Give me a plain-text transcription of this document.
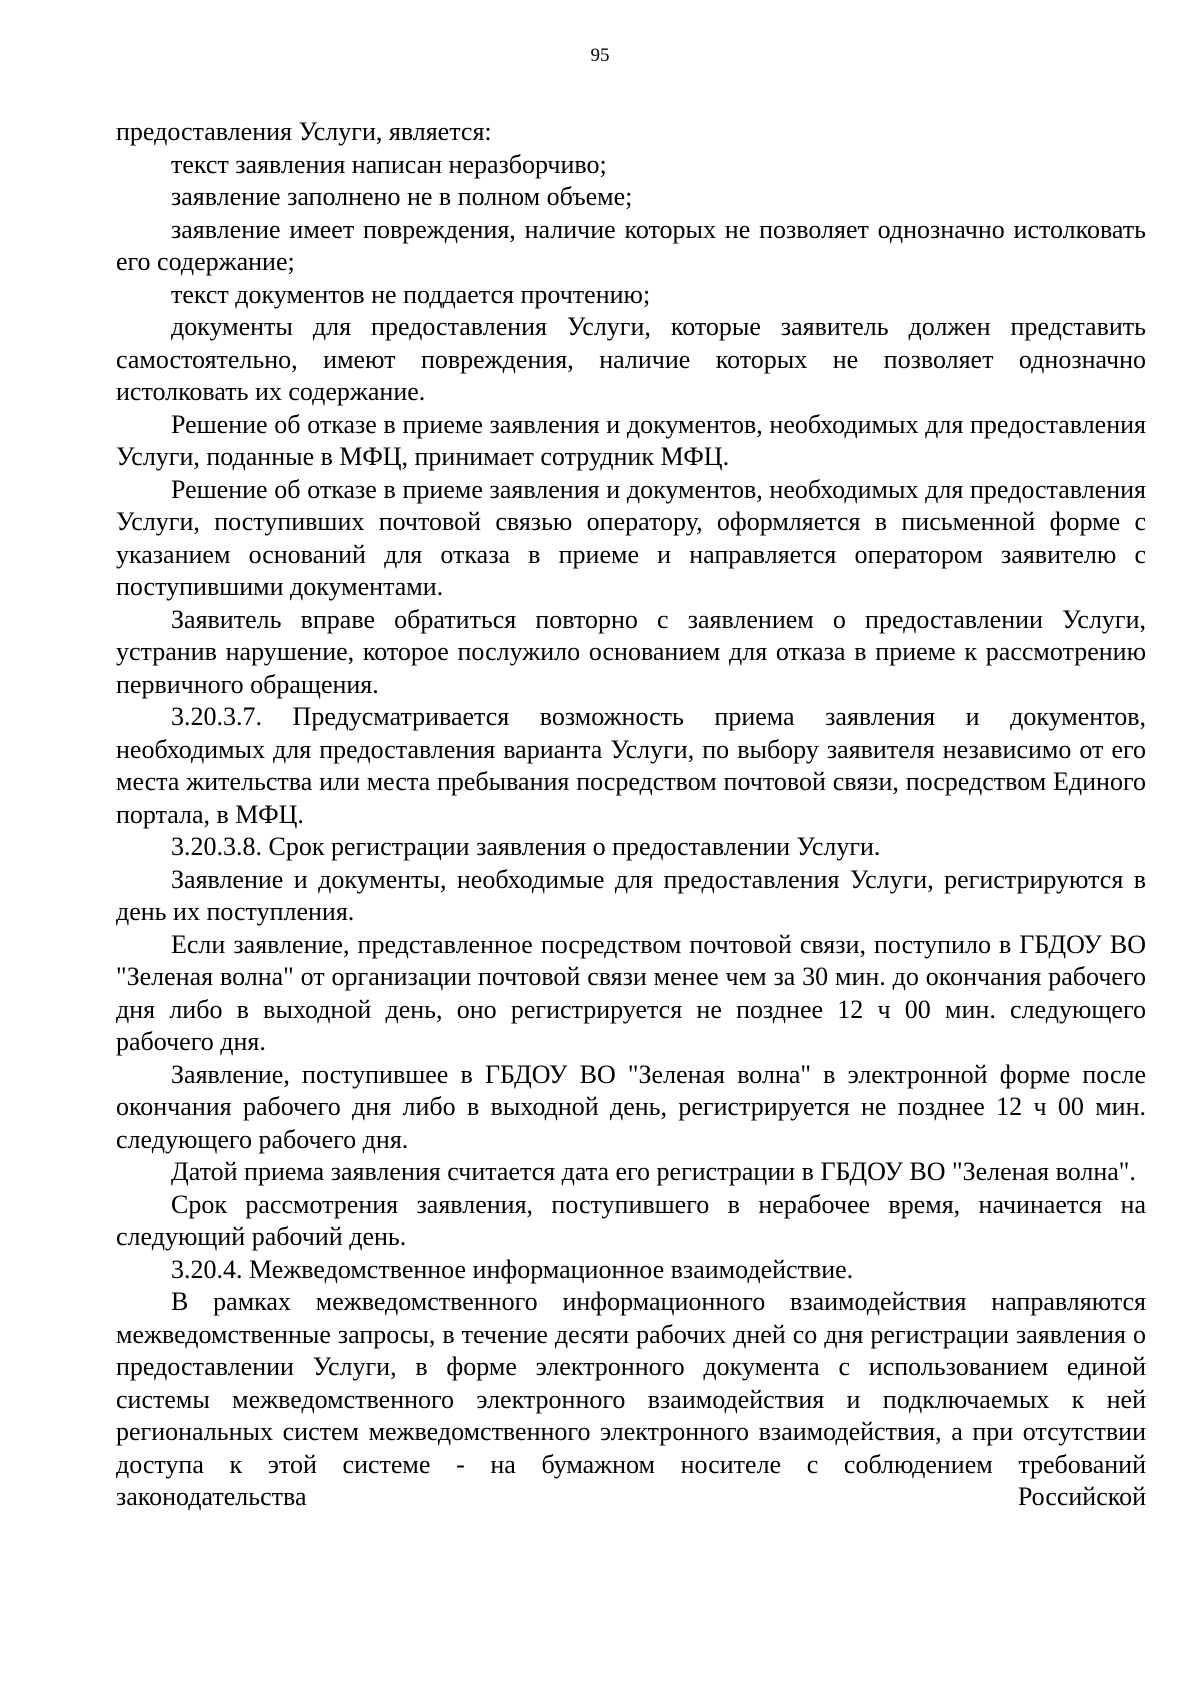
95

предоставления Услуги, является:

текст заявления написан неразборчиво;

заявление заполнено не в полном объеме;

заявление имеет повреждения, наличие которых не позволяет однозначно истолковать его содержание;

текст документов не поддается прочтению;

документы для предоставления Услуги, которые заявитель должен представить самостоятельно, имеют повреждения, наличие которых не позволяет однозначно истолковать их содержание.

Решение об отказе в приеме заявления и документов, необходимых для предоставления Услуги, поданные в МФЦ, принимает сотрудник МФЦ.

Решение об отказе в приеме заявления и документов, необходимых для предоставления Услуги, поступивших почтовой связью оператору, оформляется в письменной форме с указанием оснований для отказа в приеме и направляется оператором заявителю с поступившими документами.

Заявитель вправе обратиться повторно с заявлением о предоставлении Услуги, устранив нарушение, которое послужило основанием для отказа в приеме к рассмотрению первичного обращения.

3.20.3.7. Предусматривается возможность приема заявления и документов, необходимых для предоставления варианта Услуги, по выбору заявителя независимо от его места жительства или места пребывания посредством почтовой связи, посредством Единого портала, в МФЦ.

3.20.3.8. Срок регистрации заявления о предоставлении Услуги.

Заявление и документы, необходимые для предоставления Услуги, регистрируются в день их поступления.

Если заявление, представленное посредством почтовой связи, поступило в ГБДОУ ВО "Зеленая волна" от организации почтовой связи менее чем за 30 мин. до окончания рабочего дня либо в выходной день, оно регистрируется не позднее 12 ч 00 мин. следующего рабочего дня.

Заявление, поступившее в ГБДОУ ВО "Зеленая волна" в электронной форме после окончания рабочего дня либо в выходной день, регистрируется не позднее 12 ч 00 мин. следующего рабочего дня.

Датой приема заявления считается дата его регистрации в ГБДОУ ВО "Зеленая волна".

Срок рассмотрения заявления, поступившего в нерабочее время, начинается на следующий рабочий день.

3.20.4. Межведомственное информационное взаимодействие.

В рамках межведомственного информационного взаимодействия направляются межведомственные запросы, в течение десяти рабочих дней со дня регистрации заявления о предоставлении Услуги, в форме электронного документа с использованием единой системы межведомственного электронного взаимодействия и подключаемых к ней региональных систем межведомственного электронного взаимодействия, а при отсутствии доступа к этой системе - на бумажном носителе с соблюдением требований законодательства Российской
